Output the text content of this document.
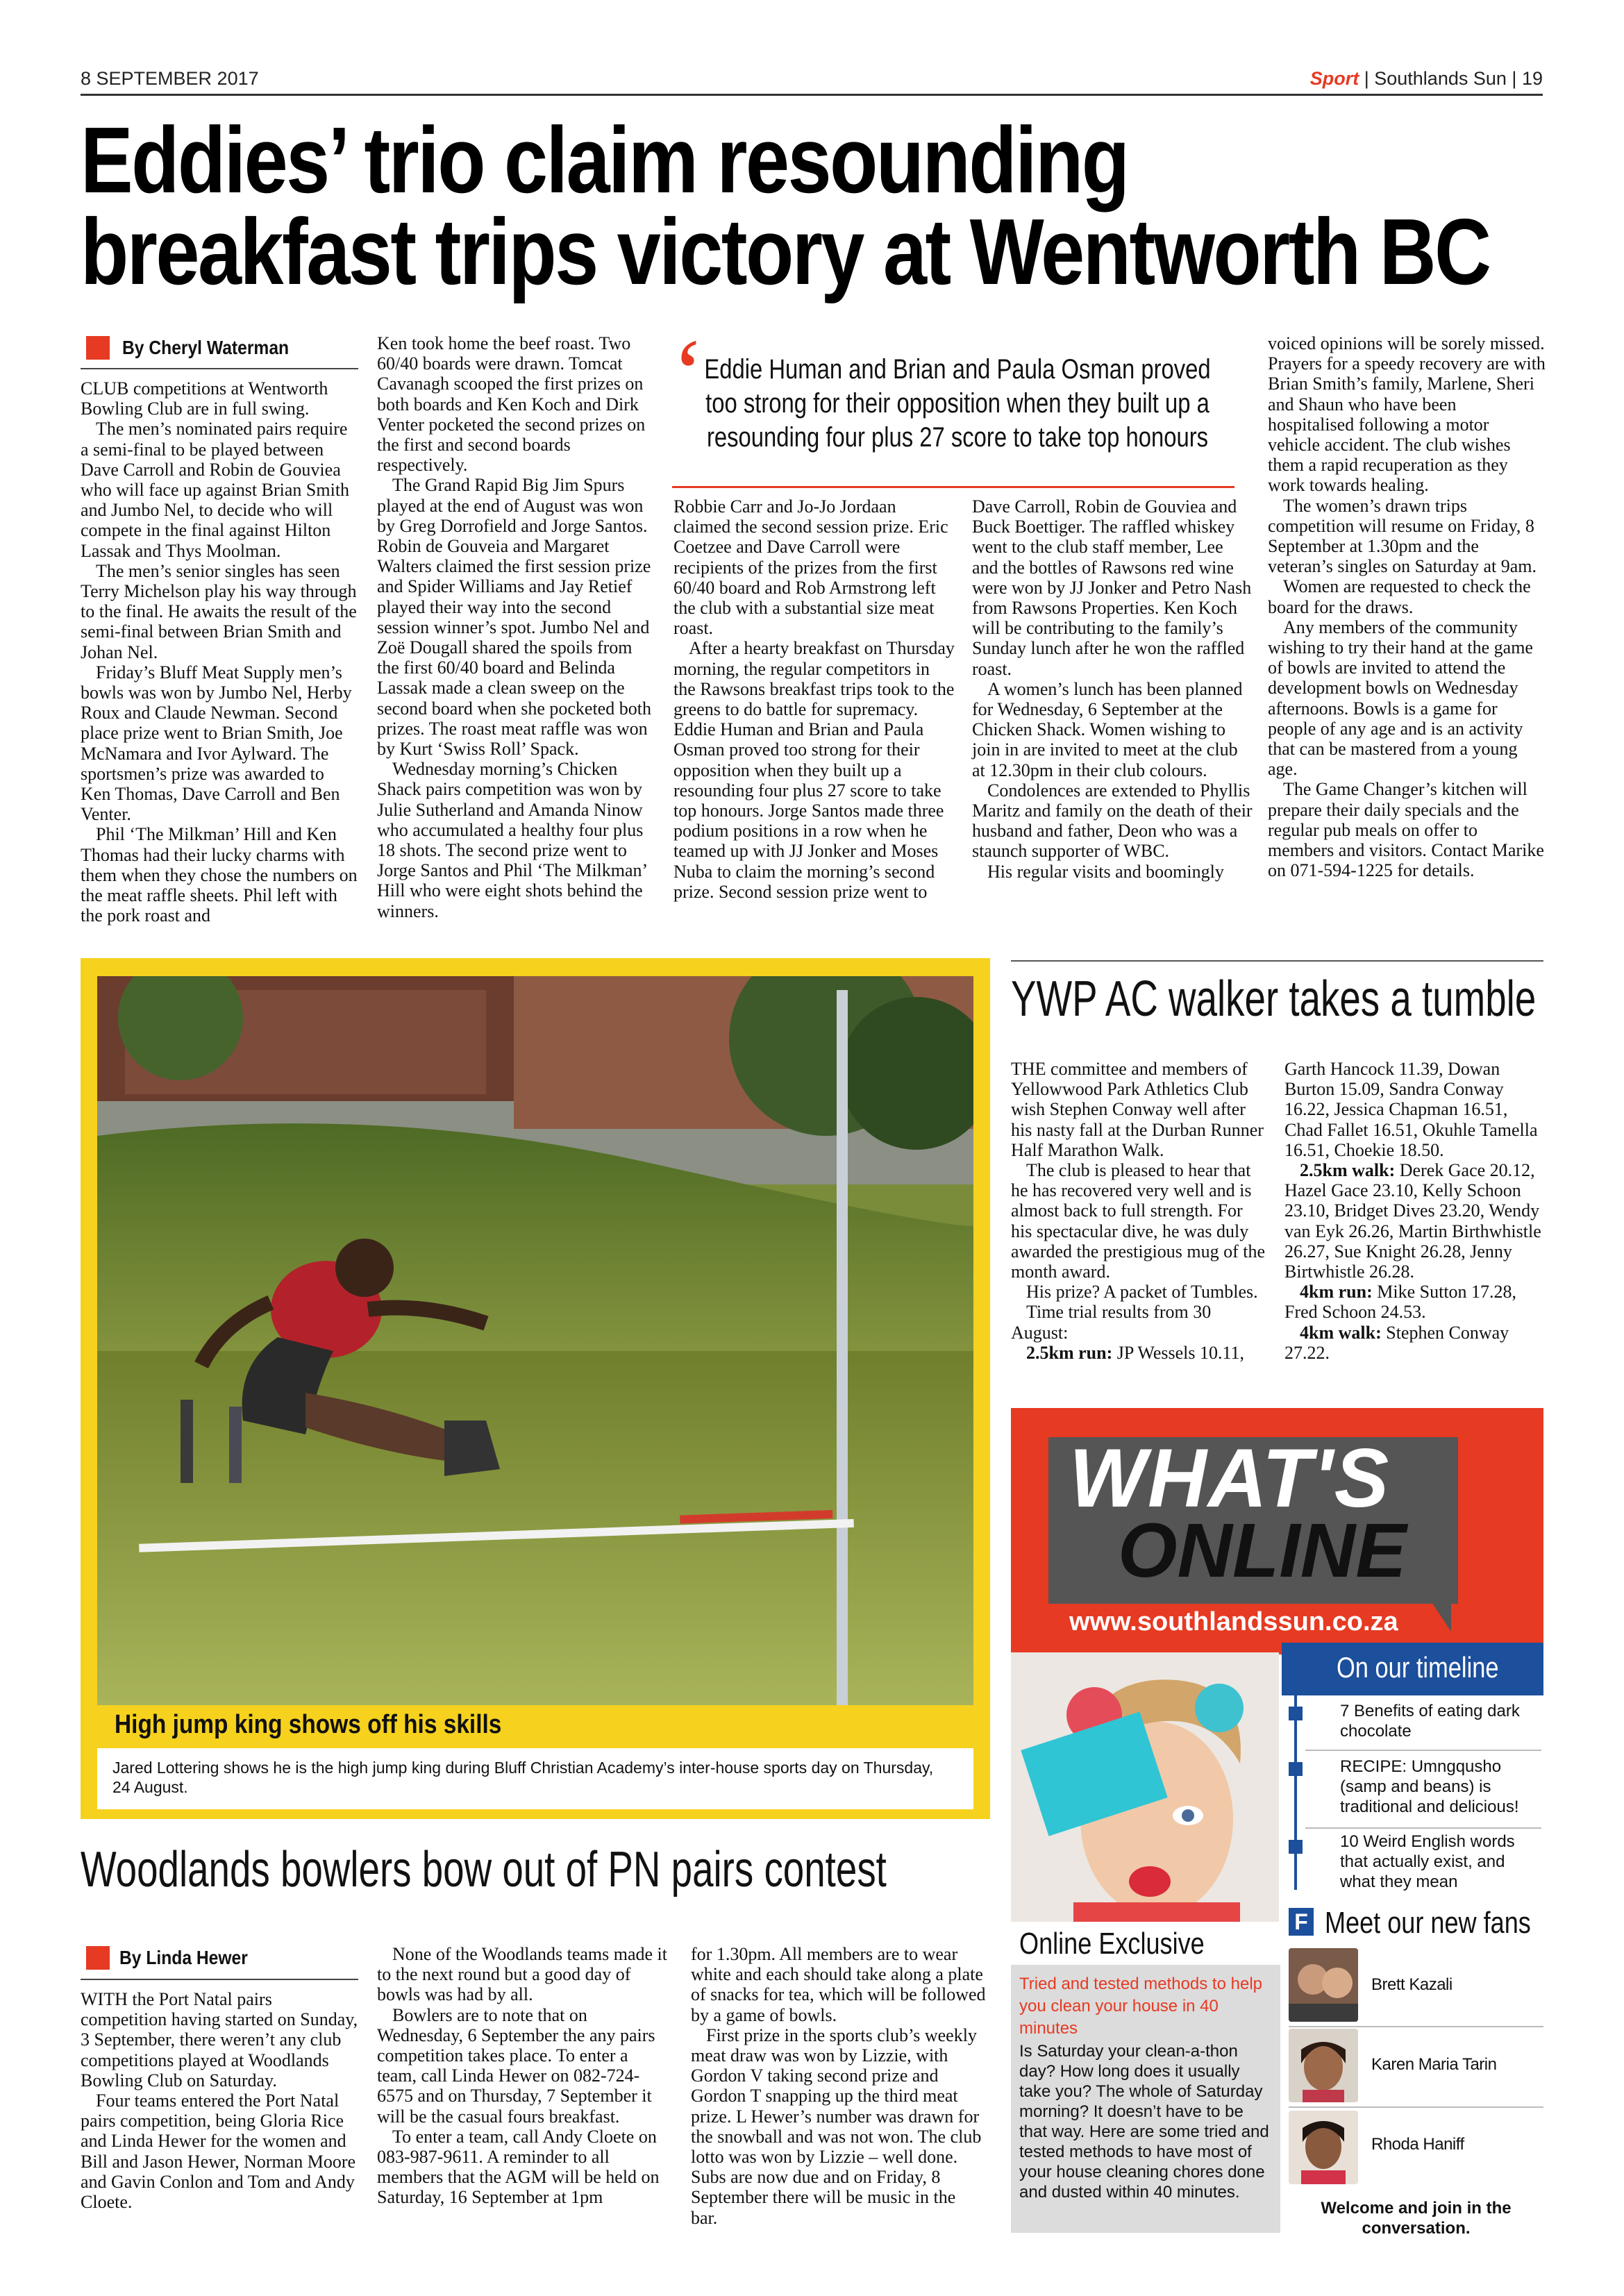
8 SEPTEMBER 2017	Sport | Southlands Sun | 19
Eddies’ trio claim resounding
breakfast trips victory at Wentworth BC
By Cheryl Waterman

CLUB competitions at Wentworth Bowling Club are in full swing.

The men’s nominated pairs require a semi-final to be played between Dave Carroll and Robin de Gouviea who will face up against Brian Smith and Jumbo Nel, to decide who will compete in the final against Hilton Lassak and Thys Moolman.

The men’s senior singles has seen Terry Michelson play his way through to the final. He awaits the result of the semi-final between Brian Smith and Johan Nel.

Friday’s Bluff Meat Supply men’s bowls was won by Jumbo Nel, Herby Roux and Claude Newman. Second place prize went to Brian Smith, Joe McNamara and Ivor Aylward. The sportsmen’s prize was awarded to Ken Thomas, Dave Carroll and Ben Venter.

Phil ‘The Milkman’ Hill and Ken Thomas had their lucky charms with them when they chose the numbers on the meat raffle sheets. Phil left with the pork roast and

Ken took home the beef roast. Two 60/40 boards were drawn. Tomcat Cavanagh scooped the first prizes on both boards and Ken Koch and Dirk Venter pocketed the second prizes on the first and second boards respectively.

The Grand Rapid Big Jim Spurs played at the end of August was won by Greg Dorrofield and Jorge Santos. Robin de Gouveia and Margaret Walters claimed the first session prize and Spider Williams and Jay Retief played their way into the second session winner’s spot. Jumbo Nel and Zoë Dougall shared the spoils from the first 60/40 board and Belinda Lassak made a clean sweep on the second board when she pocketed both prizes. The roast meat raffle was won by Kurt ‘Swiss Roll’ Spack.

Wednesday morning’s Chicken Shack pairs competition was won by Julie Sutherland and Amanda Ninow who accumulated a healthy four plus 18 shots. The second prize went to Jorge Santos and Phil ‘The Milkman’ Hill who were eight shots behind the winners.

‘ Eddie Human and Brian and Paula Osman proved too strong for their opposition when they built up a resounding four plus 27 score to take top honours

Robbie Carr and Jo-Jo Jordaan claimed the second session prize. Eric Coetzee and Dave Carroll were recipients of the prizes from the first 60/40 board and Rob Armstrong left the club with a substantial size meat roast.

After a hearty breakfast on Thursday morning, the regular competitors in the Rawsons breakfast trips took to the greens to do battle for supremacy. Eddie Human and Brian and Paula Osman proved too strong for their opposition when they built up a resounding four plus 27 score to take top honours. Jorge Santos made three podium positions in a row when he teamed up with JJ Jonker and Moses Nuba to claim the morning’s second prize. Second session prize went to

Dave Carroll, Robin de Gouviea and Buck Boettiger. The raffled whiskey went to the club staff member, Lee and the bottles of Rawsons red wine were won by JJ Jonker and Petro Nash from Rawsons Properties. Ken Koch will be contributing to the family’s Sunday lunch after he won the raffled roast.

A women’s lunch has been planned for Wednesday, 6 September at the Chicken Shack. Women wishing to join in are invited to meet at the club at 12.30pm in their club colours.

Condolences are extended to Phyllis Maritz and family on the death of their husband and father, Deon who was a staunch supporter of WBC.

His regular visits and boomingly

voiced opinions will be sorely missed. Prayers for a speedy recovery are with Brian Smith’s family, Marlene, Sheri and Shaun who have been hospitalised following a motor vehicle accident. The club wishes them a rapid recuperation as they work towards healing.

The women’s drawn trips competition will resume on Friday, 8 September at 1.30pm and the veteran’s singles on Saturday at 9am.

Women are requested to check the board for the draws.

Any members of the community wishing to try their hand at the game of bowls are invited to attend the development bowls on Wednesday afternoons. Bowls is a game for people of any age and is an activity that can be mastered from a young age.

The Game Changer’s kitchen will prepare their daily specials and the regular pub meals on offer to members and visitors. Contact Marike on 071-594-1225 for details.

High jump king shows off his skills
Jared Lottering shows he is the high jump king during Bluff Christian Academy’s inter-house sports day on Thursday, 24 August.
YWP AC walker takes a tumble

THE committee and members of Yellowwood Park Athletics Club wish Stephen Conway well after his nasty fall at the Durban Runner Half Marathon Walk.

The club is pleased to hear that he has recovered very well and is almost back to full strength. For his spectacular dive, he was duly awarded the prestigious mug of the month award.

His prize? A packet of Tumbles.

Time trial results from 30 August:

2.5km run: JP Wessels 10.11,

Garth Hancock 11.39, Dowan Burton 15.09, Sandra Conway 16.22, Jessica Chapman 16.51, Chad Fallet 16.51, Okuhle Tamella 16.51, Choekie 18.50.

2.5km walk: Derek Gace 20.12, Hazel Gace 23.10, Kelly Schoon 23.10, Bridget Dives 23.20, Wendy van Eyk 26.26, Martin Birthwhistle 26.27, Sue Knight 26.28, Jenny Birtwhistle 26.28.

4km run: Mike Sutton 17.28, Fred Schoon 24.53.

4km walk: Stephen Conway 27.22.

Woodlands bowlers bow out of PN pairs contest
By Linda Hewer

WITH the Port Natal pairs competition having started on Sunday, 3 September, there weren’t any club competitions played at Woodlands Bowling Club on Saturday.

Four teams entered the Port Natal pairs competition, being Gloria Rice and Linda Hewer for the women and Bill and Jason Hewer, Norman Moore and Gavin Conlon and Tom and Andy Cloete.

None of the Woodlands teams made it to the next round but a good day of bowls was had by all.

Bowlers are to note that on Wednesday, 6 September the any pairs competition takes place. To enter a team, call Linda Hewer on 082-724-6575 and on Thursday, 7 September it will be the casual fours breakfast.

To enter a team, call Andy Cloete on 083-987-9611. A reminder to all members that the AGM will be held on Saturday, 16 September at 1pm

for 1.30pm. All members are to wear white and each should take along a plate of snacks for tea, which will be followed by a game of bowls.

First prize in the sports club’s weekly meat draw was won by Lizzie, with Gordon V taking second prize and Gordon T snapping up the third meat prize. L Hewer’s number was drawn for the snowball and was not won. The club lotto was won by Lizzie – well done. Subs are now due and on Friday, 8 September there will be music in the bar.

WHAT'S
ONLINE
www.southlandssun.co.za
On our timeline
7 Benefits of eating dark chocolate
RECIPE: Umngqusho (samp and beans) is traditional and delicious!
10 Weird English words that actually exist, and what they mean
Online Exclusive
Tried and tested methods to help you clean your house in 40 minutes
Is Saturday your clean-a-thon day? How long does it usually take you? The whole of Saturday morning? It doesn’t have to be that way. Here are some tried and tested methods to have most of your house cleaning chores done and dusted within 40 minutes.
F Meet our new fans
Brett Kazali
Karen Maria Tarin
Rhoda Haniff
Welcome and join in the conversation.
